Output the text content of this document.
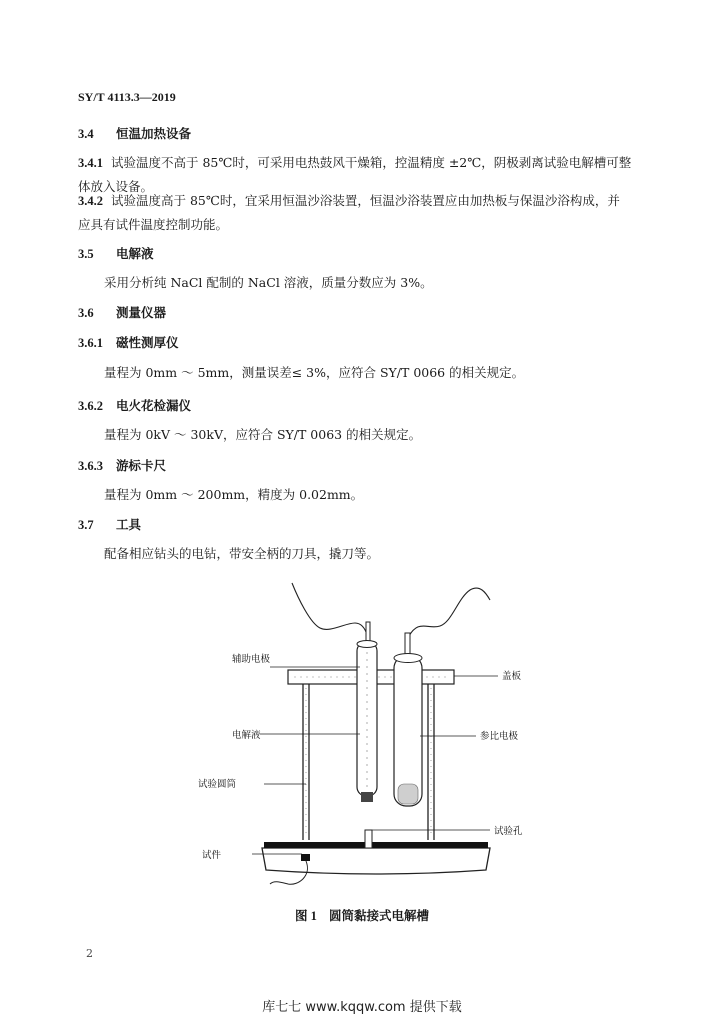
SY/T 4113.3—2019
3.4 恒温加热设备
3.4.1 试验温度不高于 85℃时，可采用电热鼓风干燥箱，控温精度 ±2℃，阴极剥离试验电解槽可整
体放入设备。
3.4.2 试验温度高于 85℃时，宜采用恒温沙浴装置，恒温沙浴装置应由加热板与保温沙浴构成，并
应具有试件温度控制功能。
3.5 电解液
采用分析纯 NaCl 配制的 NaCl 溶液，质量分数应为 3%。
3.6 测量仪器
3.6.1 磁性测厚仪
量程为 0mm ～ 5mm，测量误差≤ 3%，应符合 SY/T 0066 的相关规定。
3.6.2 电火花检漏仪
量程为 0kV ～ 30kV，应符合 SY/T 0063 的相关规定。
3.6.3 游标卡尺
量程为 0mm ～ 200mm，精度为 0.02mm。
3.7 工具
配备相应钻头的电钻，带安全柄的刀具，撬刀等。
辅助电极
电解液
试验圆筒
试件
盖板
参比电极
试验孔
图 1 圆筒黏接式电解槽
2
库七七 www.kqqw.com 提供下载
